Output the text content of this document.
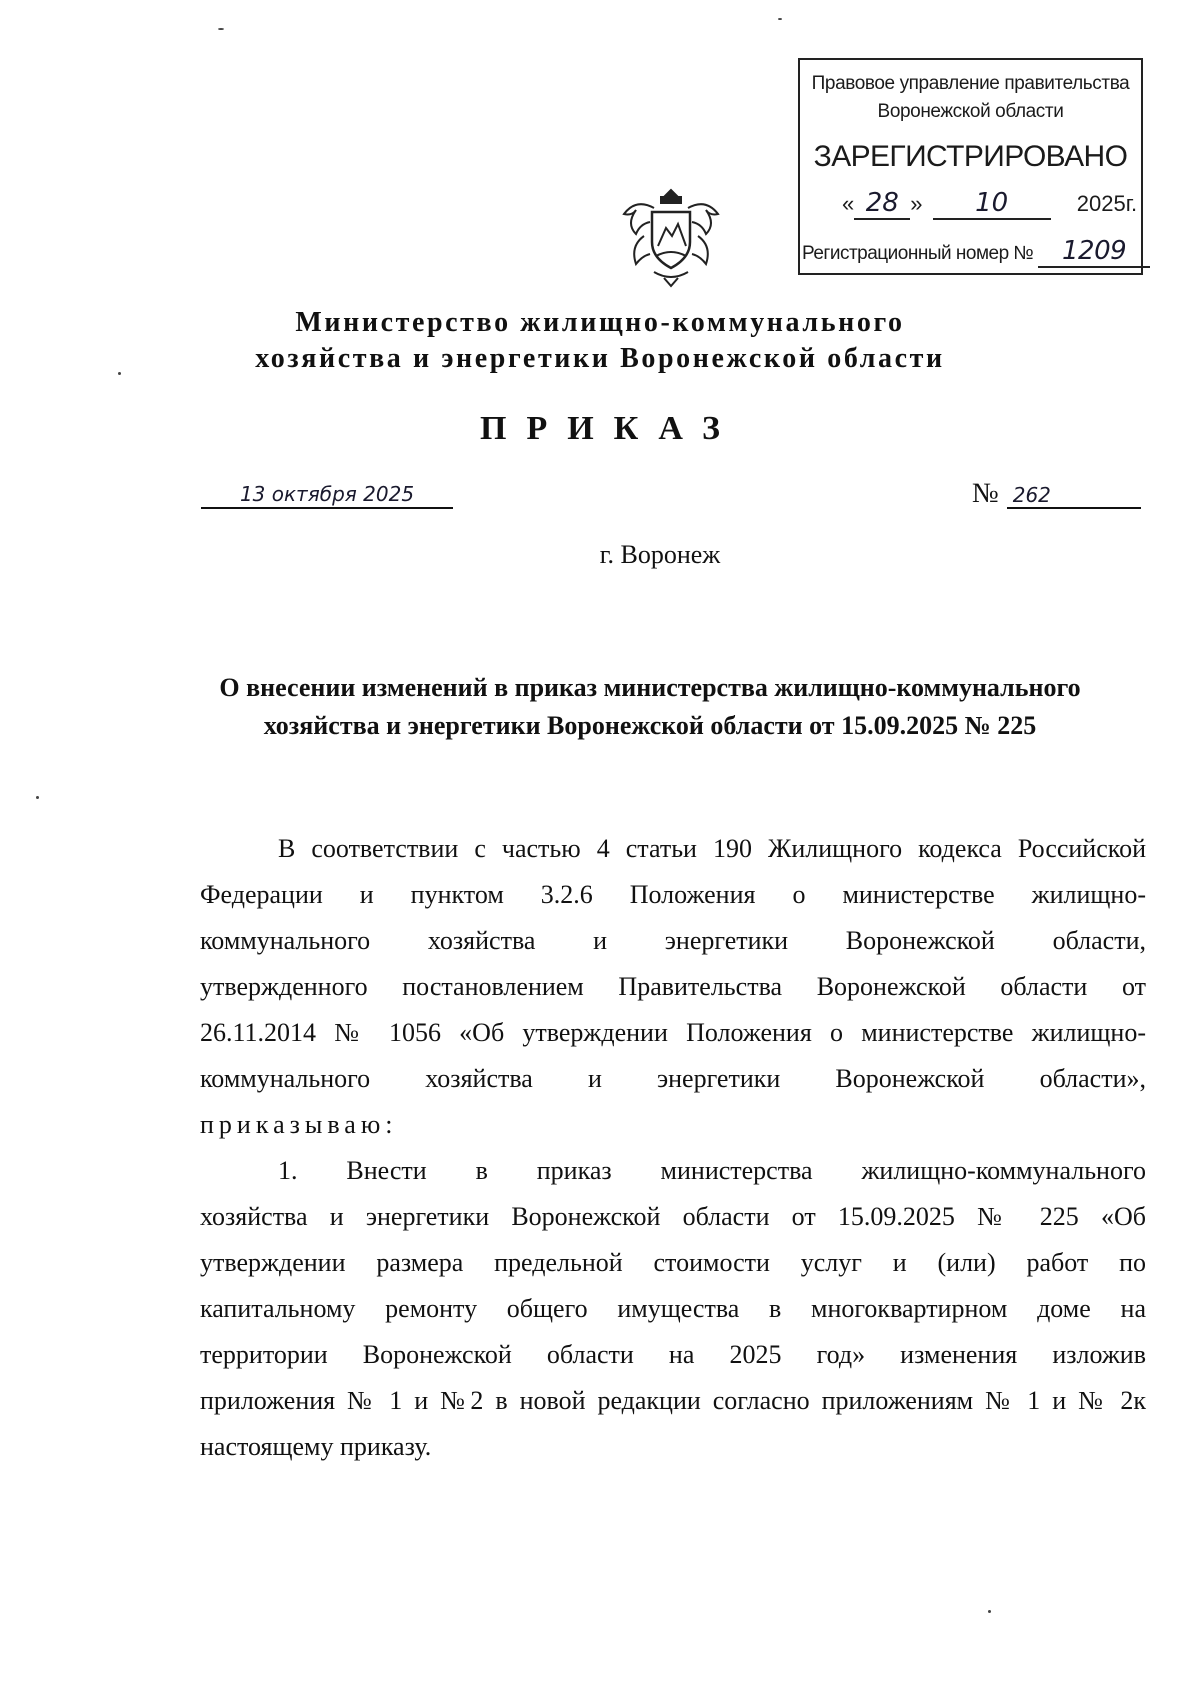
Правовое управление правительства
Воронежской области
ЗАРЕГИСТРИРОВАНО
« 28 » 10	2025г.
Регистрационный номер № 1209
Министерство жилищно-коммунального
хозяйства и энергетики Воронежской области
ПРИКАЗ
13 октября 2025	№ 262
г. Воронеж
О внесении изменений в приказ министерства жилищно-коммунального
хозяйства и энергетики Воронежской области от 15.09.2025 № 225

В соответствии с частью 4 статьи 190 Жилищного кодекса Российской

Федерации и пунктом 3.2.6 Положения о министерстве жилищно-

коммунального хозяйства и энергетики Воронежской области,

утвержденного постановлением Правительства Воронежской области от

26.11.2014 № 1056 «Об утверждении Положения о министерстве жилищно-

коммунального хозяйства и энергетики Воронежской области»,

приказываю:

1. Внести в приказ министерства жилищно-коммунального

хозяйства и энергетики Воронежской области от 15.09.2025 № 225 «Об

утверждении размера предельной стоимости услуг и (или) работ по

капитальному ремонту общего имущества в многоквартирном доме на

территории Воронежской области на 2025 год» изменения изложив

приложения № 1 и №2 в новой редакции согласно приложениям № 1 и № 2к

настоящему приказу.
